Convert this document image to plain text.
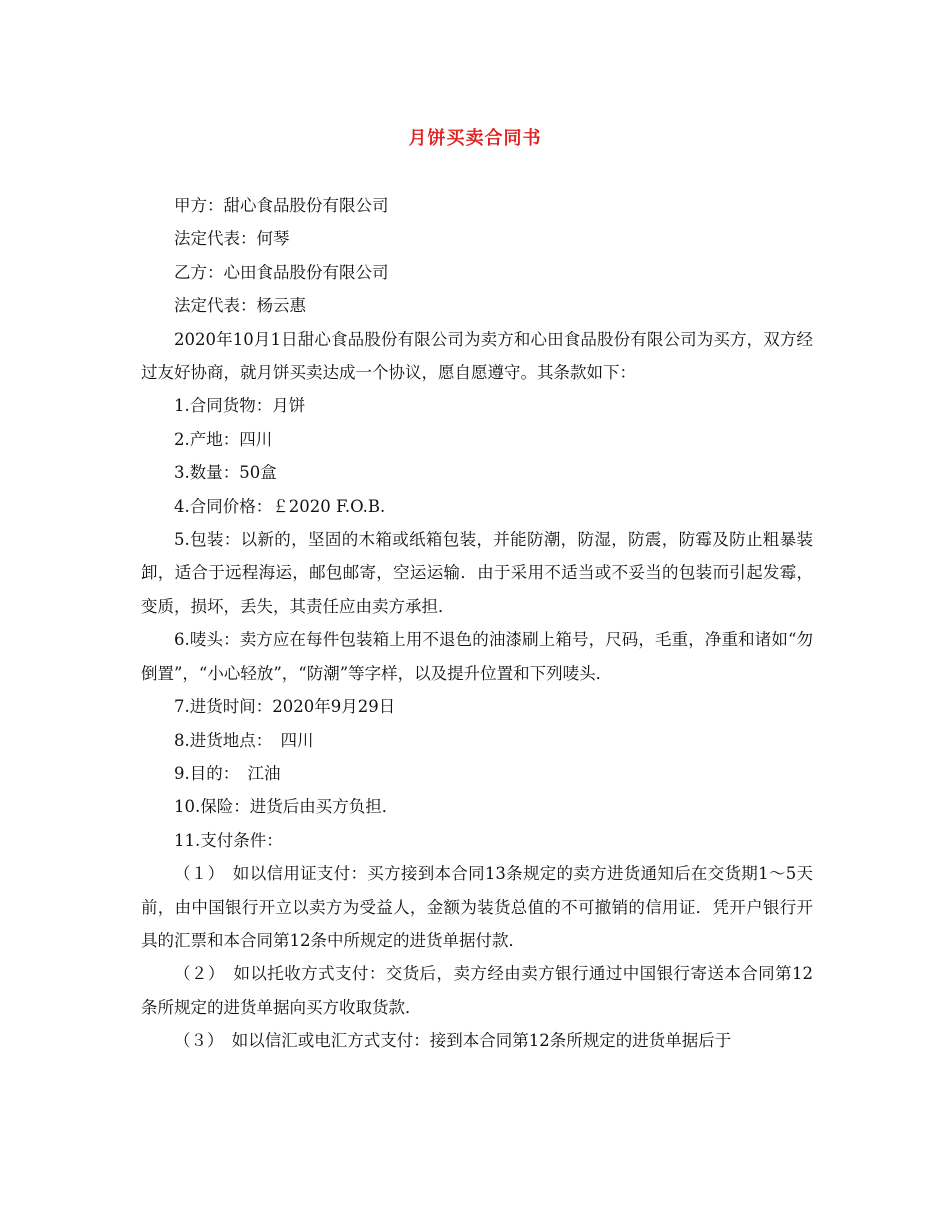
月饼买卖合同书

甲方：甜心食品股份有限公司

法定代表：何琴

乙方：心田食品股份有限公司

法定代表：杨云惠

2020年10月1日甜心食品股份有限公司为卖方和心田食品股份有限公司为买方，双方经过友好协商，就月饼买卖达成一个协议，愿自愿遵守。其条款如下：

1.合同货物：月饼

2.产地：四川

3.数量：50盒

4.合同价格：￡2020 F.O.B.

5.包装：以新的，坚固的木箱或纸箱包装，并能防潮，防湿，防震，防霉及防止粗暴装卸，适合于远程海运，邮包邮寄，空运运输．由于采用不适当或不妥当的包装而引起发霉，变质，损坏，丢失，其责任应由卖方承担．

6.唛头：卖方应在每件包装箱上用不退色的油漆刷上箱号，尺码，毛重，净重和诸如“勿倒置”，“小心轻放”，“防潮”等字样，以及提升位置和下列唛头．

7.进货时间：2020年9月29日

8.进货地点：　四川

9.目的：　江油

10.保险：进货后由买方负担．

11.支付条件：

（１）　如以信用证支付：买方接到本合同13条规定的卖方进货通知后在交货期1～5天前，由中国银行开立以卖方为受益人，金额为装货总值的不可撤销的信用证．凭开户银行开具的汇票和本合同第12条中所规定的进货单据付款．

（２）　如以托收方式支付：交货后，卖方经由卖方银行通过中国银行寄送本合同第12条所规定的进货单据向买方收取货款．

（３）　如以信汇或电汇方式支付：接到本合同第12条所规定的进货单据后于
